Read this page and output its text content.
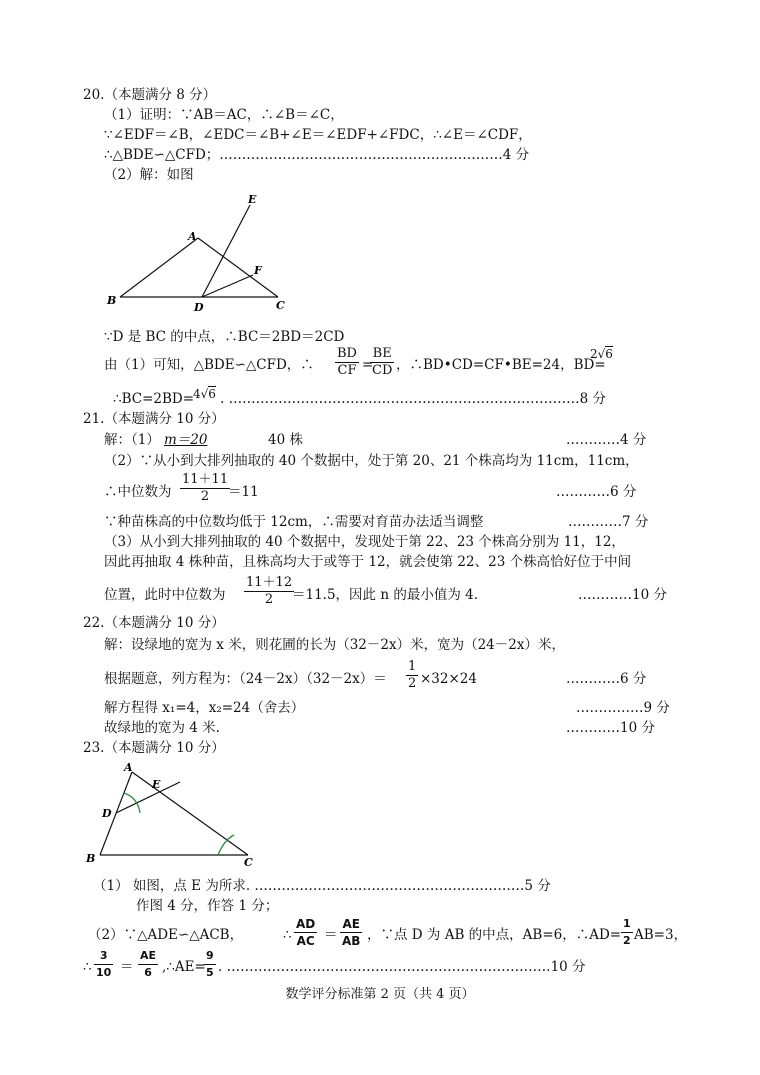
20.（本题满分 8 分）
（1）证明：∵AB＝AC，∴∠B＝∠C，
∵∠EDF＝∠B，∠EDC＝∠B+∠E＝∠EDF+∠FDC，∴∠E＝∠CDF，
∴△BDE∽△CFD；………………………………………………………4 分
（2）解：如图
E
A
F
B
D	C
∵D 是 BC 的中点，∴BC＝2BD＝2CD
由（1）可知，△BDE∽△CFD，∴ $\frac{BD}{CF}$ =
$\frac{BE}{CD}$ ，∴BD•CD=CF•BE=24，BD=
2√6
∴BC=2BD=
4√6 . ……………………………………………………………………8 分
21.（本题满分 10 分）
解：（1） m＝20	40 株	…………4 分
（2）∵从小到大排列抽取的 40 个数据中，处于第 20、21 个株高均为 11cm，11cm，
∴中位数为 $\frac{11+11}{2}$
＝11	…………6 分
∵种苗株高的中位数均低于 12cm，∴需要对育苗办法适当调整	…………7 分
（3）从小到大排列抽取的 40 个数据中，发现处于第 22、23 个株高分别为 11，12，
因此再抽取 4 株种苗，且株高均大于或等于 12，就会使第 22、23 个株高恰好位于中间
位置，此时中位数为 $\frac{11+12}{2}$
＝11.5，因此 n 的最小值为 4.	…………10 分
22.（本题满分 10 分）
解：设绿地的宽为 x 米，则花圃的长为（32－2x）米，宽为（24－2x）米，
根据题意，列方程为：$(24-2x)(32-2x)= \frac{1}{2} \times 32\times 24$	…………6 分
解方程得 x₁=4，x₂=24（舍去）	……………9 分
故绿地的宽为 4 米.	…………10 分
23.（本题满分 10 分）
A
E
D
B	C
（1） 如图，点 E 为所求. ……………………………………………………5 分
作图 4 分，作答 1 分；
（2）∵△ADE∽△ACB，	∴ $\frac{AD}{AC} = \frac{AE}{AB}$ ，∵点 D 为 AB 的中点，AB=6，∴AD= $\frac{1}{2} AB=3$，
∴ $\frac{3}{10} = \frac{AE}{6}$ ,∴AE=
$\frac{9}{5}$ . ………………………………………………………………10 分
数学评分标准第 2 页（共 4 页）
